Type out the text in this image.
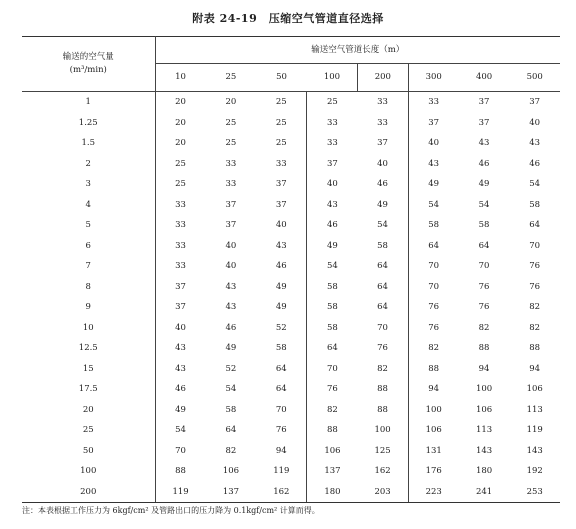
附表 24-19　压缩空气管道直径选择
输送的空气量
(m³/min)	输送空气管道长度（m）							
	10	25	50	100	200	300	400	500
1	20	20	25	25	33	33	37	37
1.25	20	25	25	33	33	37	37	40
1.5	20	25	25	33	37	40	43	43
2	25	33	33	37	40	43	46	46
3	25	33	37	40	46	49	49	54
4	33	37	37	43	49	54	54	58
5	33	37	40	46	54	58	58	64
6	33	40	43	49	58	64	64	70
7	33	40	46	54	64	70	70	76
8	37	43	49	58	64	70	76	76
9	37	43	49	58	64	76	76	82
10	40	46	52	58	70	76	82	82
12.5	43	49	58	64	76	82	88	88
15	43	52	64	70	82	88	94	94
17.5	46	54	64	76	88	94	100	106
20	49	58	70	82	88	100	106	113
25	54	64	76	88	100	106	113	119
50	70	82	94	106	125	131	143	143
100	88	106	119	137	162	176	180	192
200	119	137	162	180	203	223	241	253
注：本表根据工作压力为 6kgf/cm² 及管路出口的压力降为 0.1kgf/cm² 计算而得。
